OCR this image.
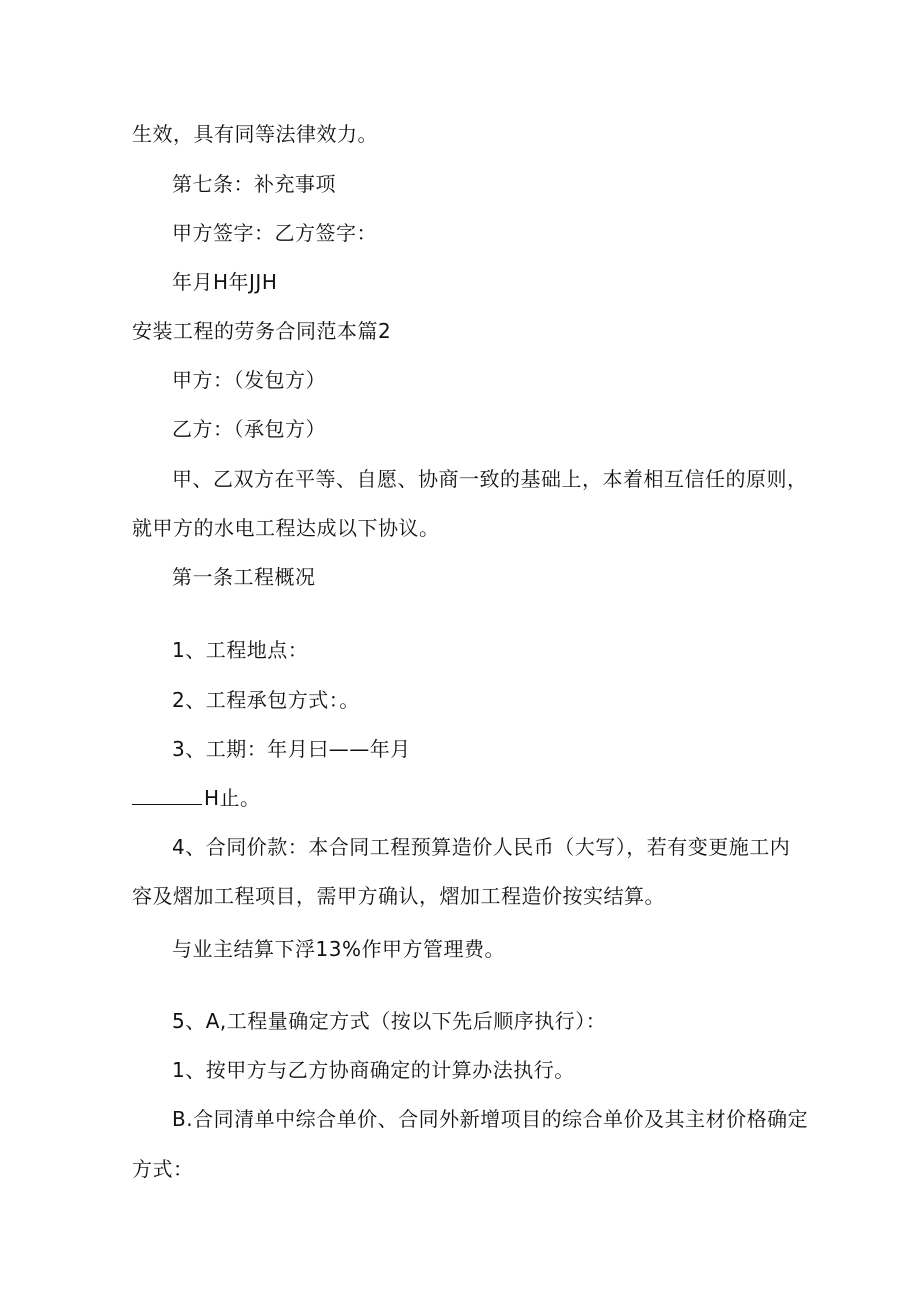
生效，具有同等法律效力。
第七条：补充事项
甲方签字：乙方签字：
年月H年JJH
安装工程的劳务合同范本篇2
甲方：（发包方）
乙方：（承包方）
甲、乙双方在平等、自愿、协商一致的基础上，本着相互信任的原则，
就甲方的水电工程达成以下协议。
第一条工程概况
1、工程地点：
2、工程承包方式：。
3、工期：年月曰——年月
H止。
4、合同价款：本合同工程预算造价人民币（大写），若有变更施工内
容及熠加工程项目，需甲方确认，熠加工程造价按实结算。
与业主结算下浮13%作甲方管理费。
5、A,工程量确定方式（按以下先后顺序执行）：
1、按甲方与乙方协商确定的计算办法执行。
B.合同清单中综合单价、合同外新增项目的综合单价及其主材价格确定
方式：
